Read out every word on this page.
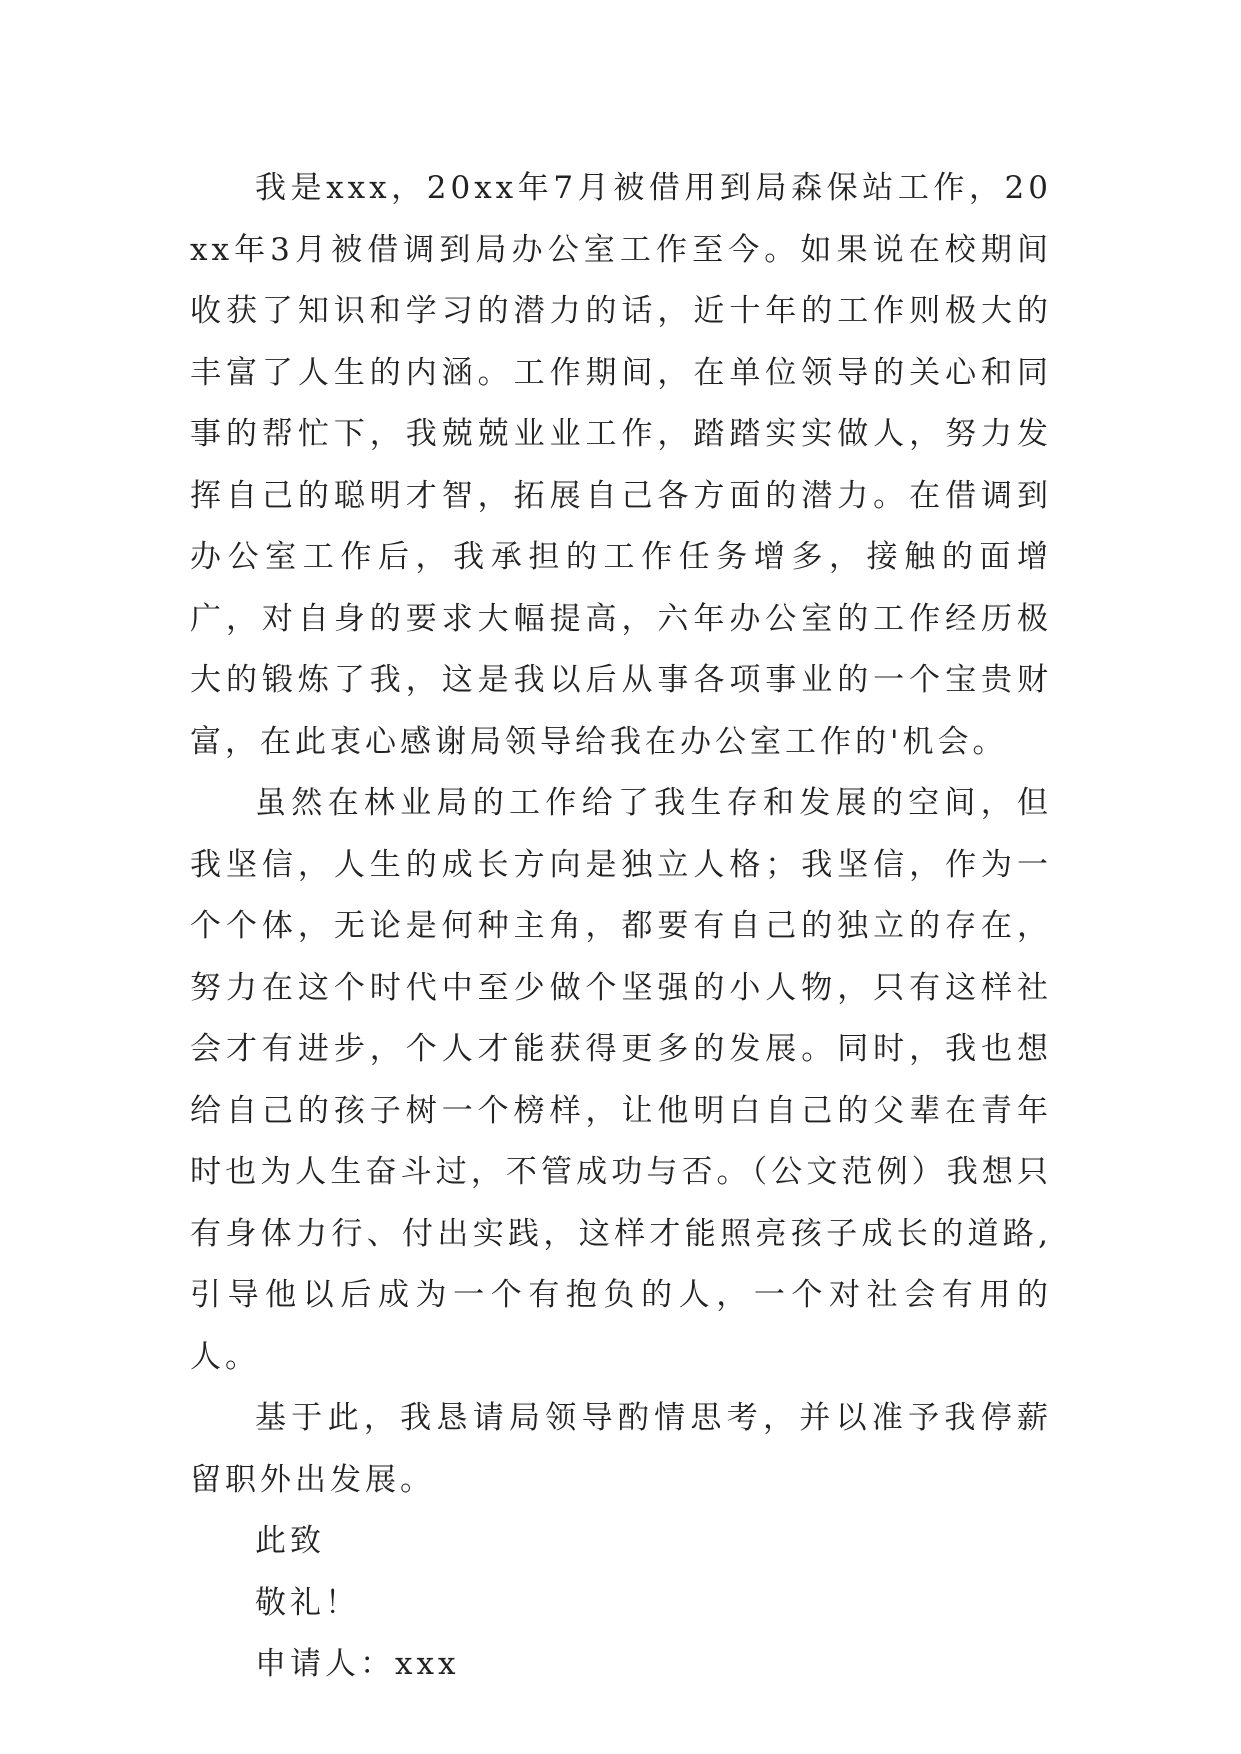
我是xxx，20xx年7月被借用到局森保站工作，20xx年3月被借调到局办公室工作至今。如果说在校期间收获了知识和学习的潜力的话，近十年的工作则极大的丰富了人生的内涵。工作期间，在单位领导的关心和同事的帮忙下，我兢兢业业工作，踏踏实实做人，努力发挥自己的聪明才智，拓展自己各方面的潜力。在借调到办公室工作后，我承担的工作任务增多，接触的面增广，对自身的要求大幅提高，六年办公室的工作经历极大的锻炼了我，这是我以后从事各项事业的一个宝贵财富，在此衷心感谢局领导给我在办公室工作的'机会。

虽然在林业局的工作给了我生存和发展的空间，但我坚信，人生的成长方向是独立人格；我坚信，作为一个个体，无论是何种主角，都要有自己的独立的存在，努力在这个时代中至少做个坚强的小人物，只有这样社会才有进步，个人才能获得更多的发展。同时，我也想给自己的孩子树一个榜样，让他明白自己的父辈在青年时也为人生奋斗过，不管成功与否。（公文范例）我想只有身体力行、付出实践，这样才能照亮孩子成长的道路,引导他以后成为一个有抱负的人，一个对社会有用的人。

基于此，我恳请局领导酌情思考，并以准予我停薪留职外出发展。

此致

敬礼！

申请人：xxx
